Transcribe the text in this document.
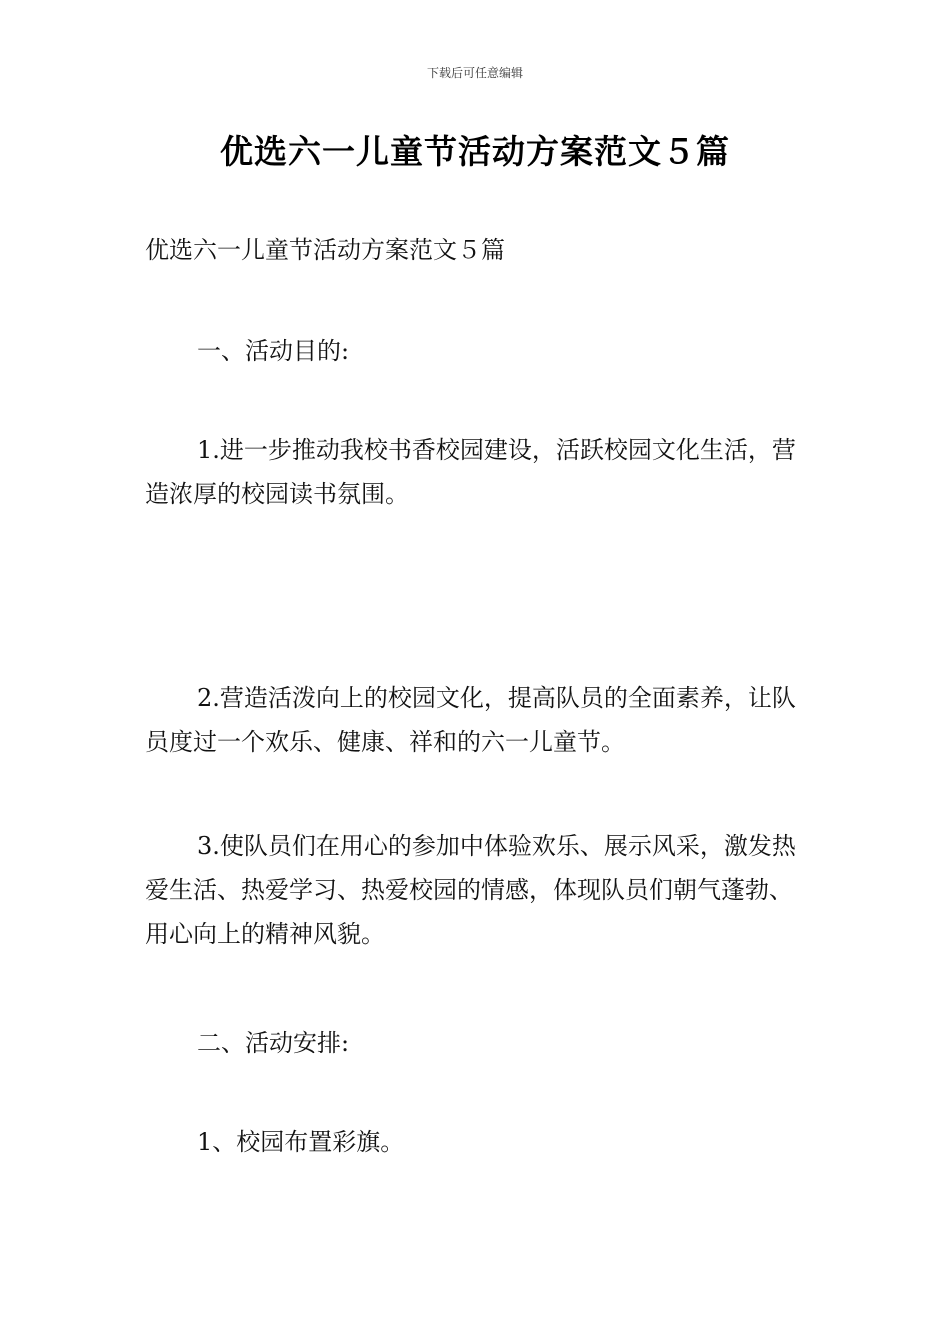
下载后可任意编辑
优选六一儿童节活动方案范文５篇

优选六一儿童节活动方案范文５篇

一、活动目的:

1.进一步推动我校书香校园建设，活跃校园文化生活，营造浓厚的校园读书氛围。

2.营造活泼向上的校园文化，提高队员的全面素养，让队员度过一个欢乐、健康、祥和的六一儿童节。

3.使队员们在用心的参加中体验欢乐、展示风采，激发热爱生活、热爱学习、热爱校园的情感，体现队员们朝气蓬勃、用心向上的精神风貌。

二、活动安排:

1、校园布置彩旗。
